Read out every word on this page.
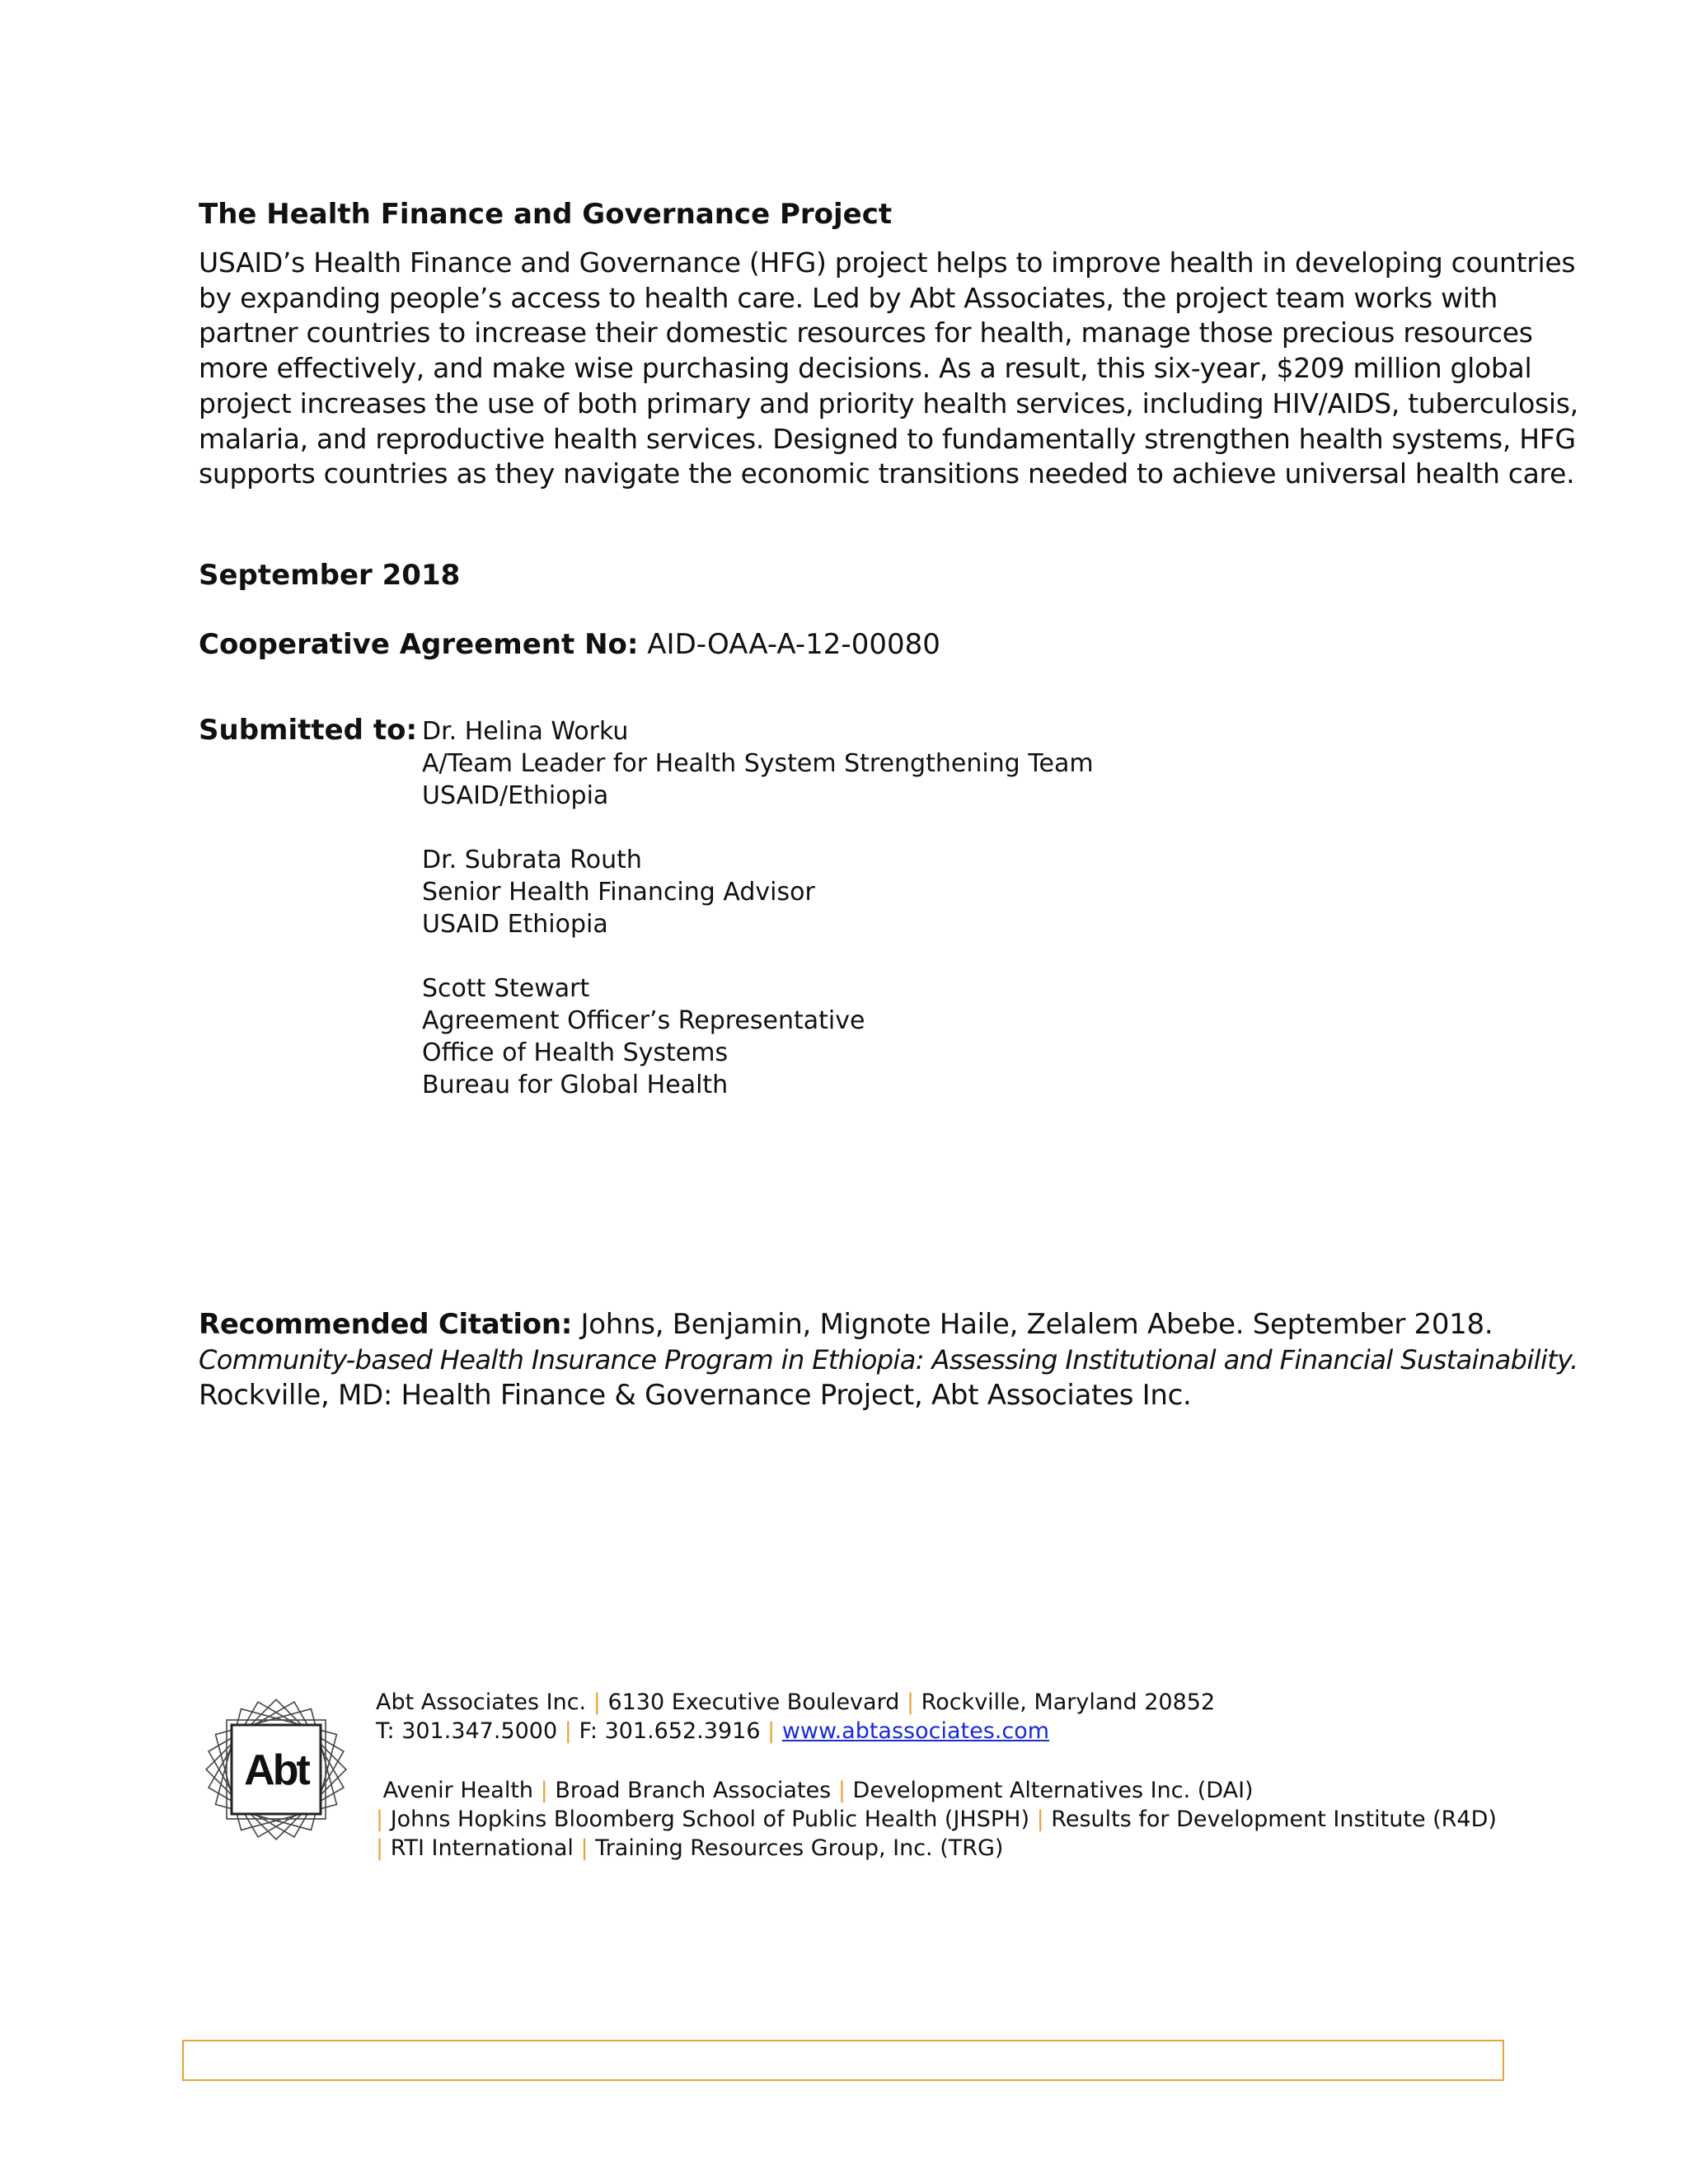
The Health Finance and Governance Project

USAID’s Health Finance and Governance (HFG) project helps to improve health in developing countries
by expanding people’s access to health care. Led by Abt Associates, the project team works with
partner countries to increase their domestic resources for health, manage those precious resources
more effectively, and make wise purchasing decisions. As a result, this six-year, $209 million global
project increases the use of both primary and priority health services, including HIV/AIDS, tuberculosis,
malaria, and reproductive health services. Designed to fundamentally strengthen health systems, HFG
supports countries as they navigate the economic transitions needed to achieve universal health care.

September 2018

Cooperative Agreement No: AID-OAA-A-12-00080

Submitted to: Dr. Helina Worku
A/Team Leader for Health System Strengthening Team
USAID/Ethiopia
Dr. Subrata Routh
Senior Health Financing Advisor
USAID Ethiopia
Scott Stewart
Agreement Officer’s Representative
Office of Health Systems
Bureau for Global Health

Recommended Citation: Johns, Benjamin, Mignote Haile, Zelalem Abebe. September 2018.
Community-based Health Insurance Program in Ethiopia: Assessing Institutional and Financial Sustainability.
Rockville, MD: Health Finance & Governance Project, Abt Associates Inc.

Abt
Abt Associates Inc. | 6130 Executive Boulevard | Rockville, Maryland 20852
T: 301.347.5000 | F: 301.652.3916 | www.abtassociates.com
Avenir Health | Broad Branch Associates | Development Alternatives Inc. (DAI)
| Johns Hopkins Bloomberg School of Public Health (JHSPH) | Results for Development Institute (R4D)
| RTI International | Training Resources Group, Inc. (TRG)
